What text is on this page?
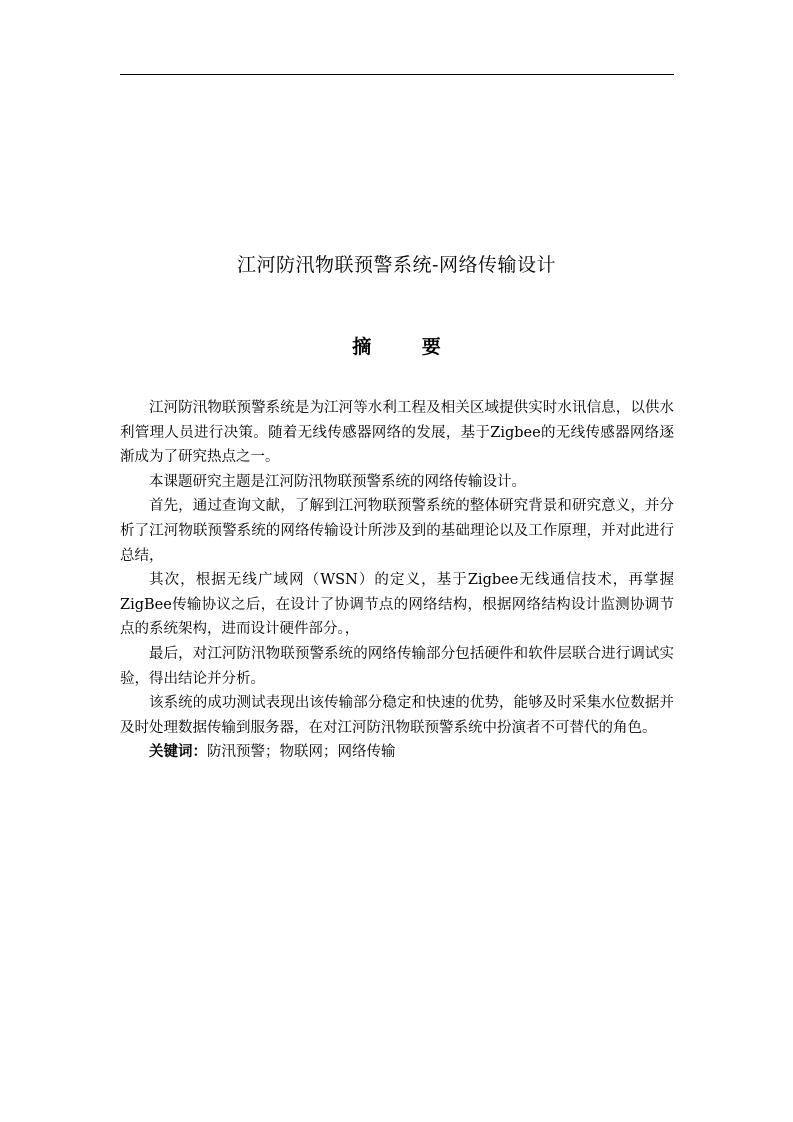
江河防汛物联预警系统-网络传输设计
摘 要

江河防汛物联预警系统是为江河等水利工程及相关区域提供实时水讯信息，以供水利管理人员进行决策。随着无线传感器网络的发展，基于Zigbee的无线传感器网络逐渐成为了研究热点之一。

本课题研究主题是江河防汛物联预警系统的网络传输设计。

首先，通过查询文献，了解到江河物联预警系统的整体研究背景和研究意义，并分析了江河物联预警系统的网络传输设计所涉及到的基础理论以及工作原理，并对此进行总结，

其次，根据无线广域网（WSN）的定义，基于Zigbee无线通信技术，再掌握ZigBee传输协议之后，在设计了协调节点的网络结构，根据网络结构设计监测协调节点的系统架构，进而设计硬件部分。，

最后，对江河防汛物联预警系统的网络传输部分包括硬件和软件层联合进行调试实验，得出结论并分析。

该系统的成功测试表现出该传输部分稳定和快速的优势，能够及时采集水位数据并及时处理数据传输到服务器，在对江河防汛物联预警系统中扮演者不可替代的角色。

关键词：防汛预警；物联网；网络传输
